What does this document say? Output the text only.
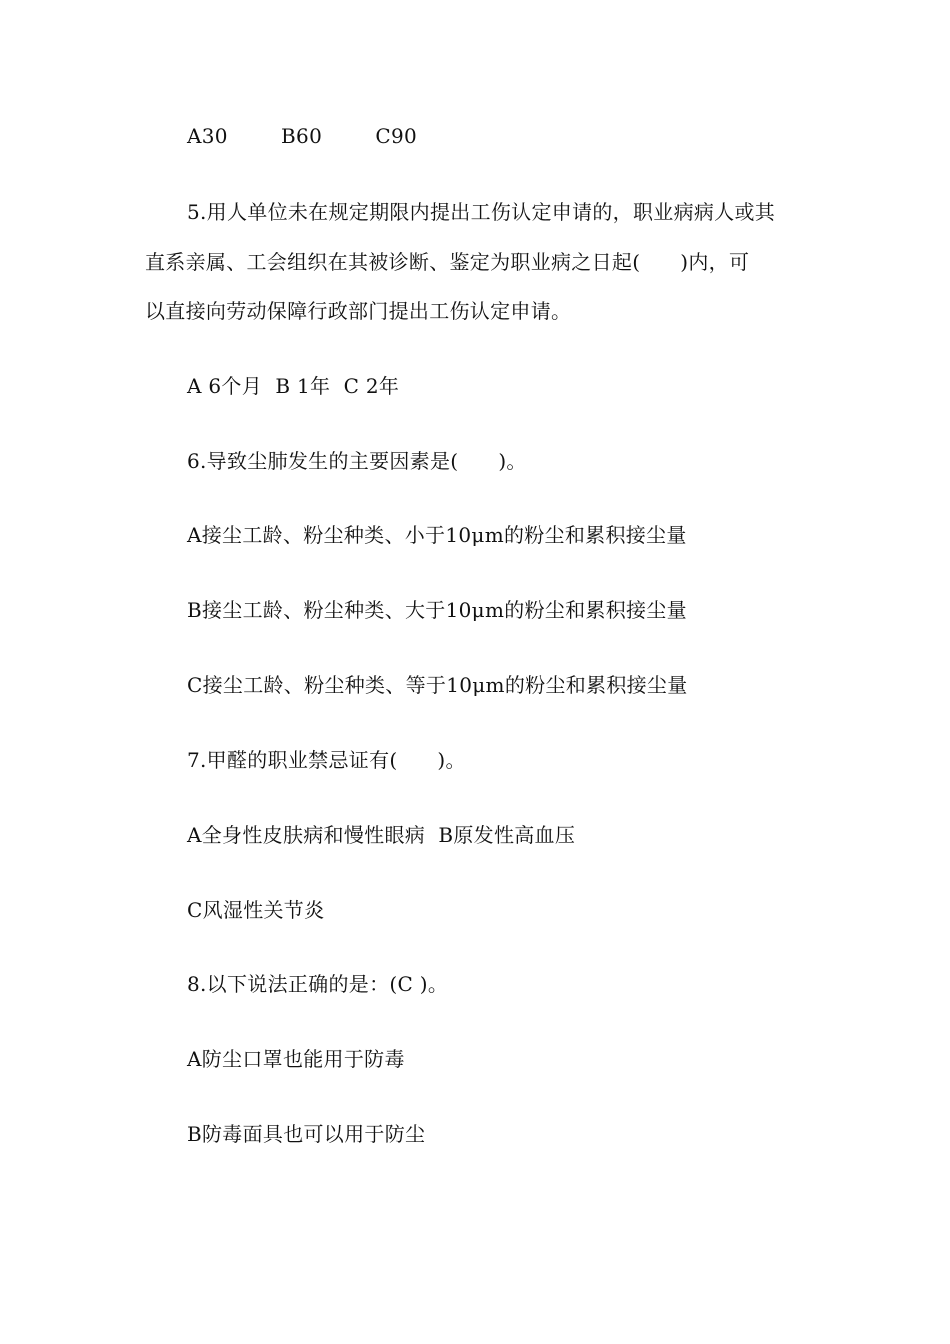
A30        B60        C90
5.用人单位未在规定期限内提出工伤认定申请的，职业病病人或其
直系亲属、工会组织在其被诊断、鉴定为职业病之日起(      )内，可
以直接向劳动保障行政部门提出工伤认定申请。
A 6个月  B 1年  C 2年
6.导致尘肺发生的主要因素是(      )。
A接尘工龄、粉尘种类、小于10μm的粉尘和累积接尘量
B接尘工龄、粉尘种类、大于10μm的粉尘和累积接尘量
C接尘工龄、粉尘种类、等于10μm的粉尘和累积接尘量
7.甲醛的职业禁忌证有(      )。
A全身性皮肤病和慢性眼病  B原发性高血压
C风湿性关节炎
8.以下说法正确的是：(C )。
A防尘口罩也能用于防毒
B防毒面具也可以用于防尘
